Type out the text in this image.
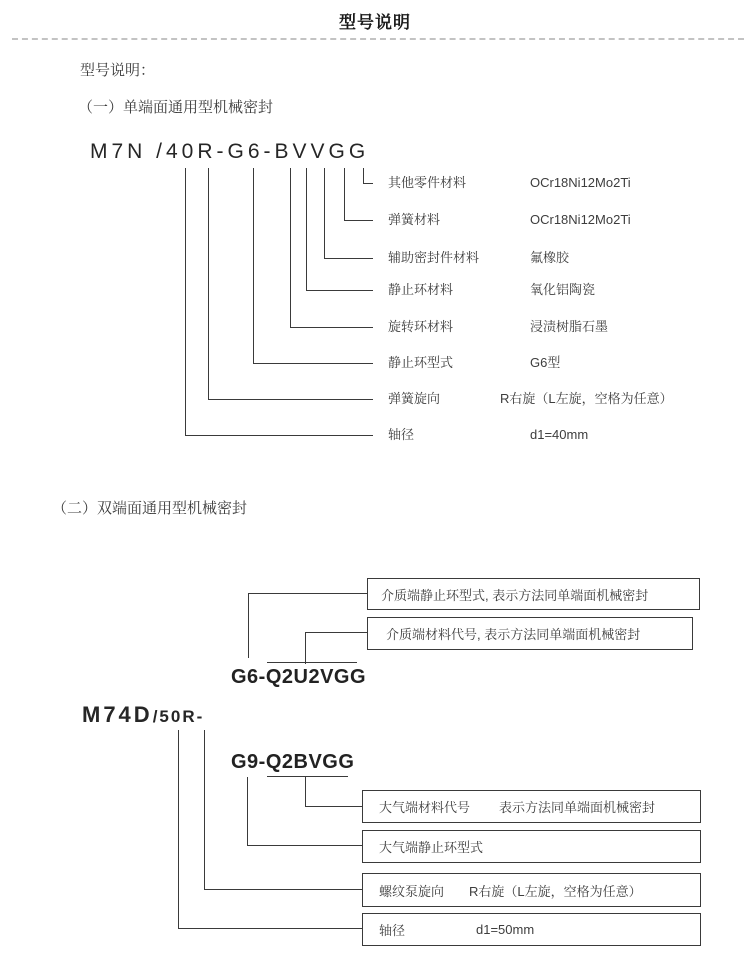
型号说明
型号说明：
（一）单端面通用型机械密封
M7N /40R-G6-BVVGG
其他零件材料	OCr18Ni12Mo2Ti
弹簧材料	OCr18Ni12Mo2Ti
辅助密封件材料	氟橡胶
静止环材料	氧化铝陶瓷
旋转环材料	浸渍树脂石墨
静止环型式	G6型
弹簧旋向	R右旋（L左旋，空格为任意）
轴径	d1=40mm
（二）双端面通用型机械密封
介质端静止环型式, 表示方法同单端面机械密封
介质端材料代号, 表示方法同单端面机械密封
G6-Q2U2VGG
M74D/50R-
G9-Q2BVGG
大气端材料代号 表示方法同单端面机械密封
大气端静止环型式
螺纹泵旋向 R右旋（L左旋，空格为任意）
轴径	d1=50mm
